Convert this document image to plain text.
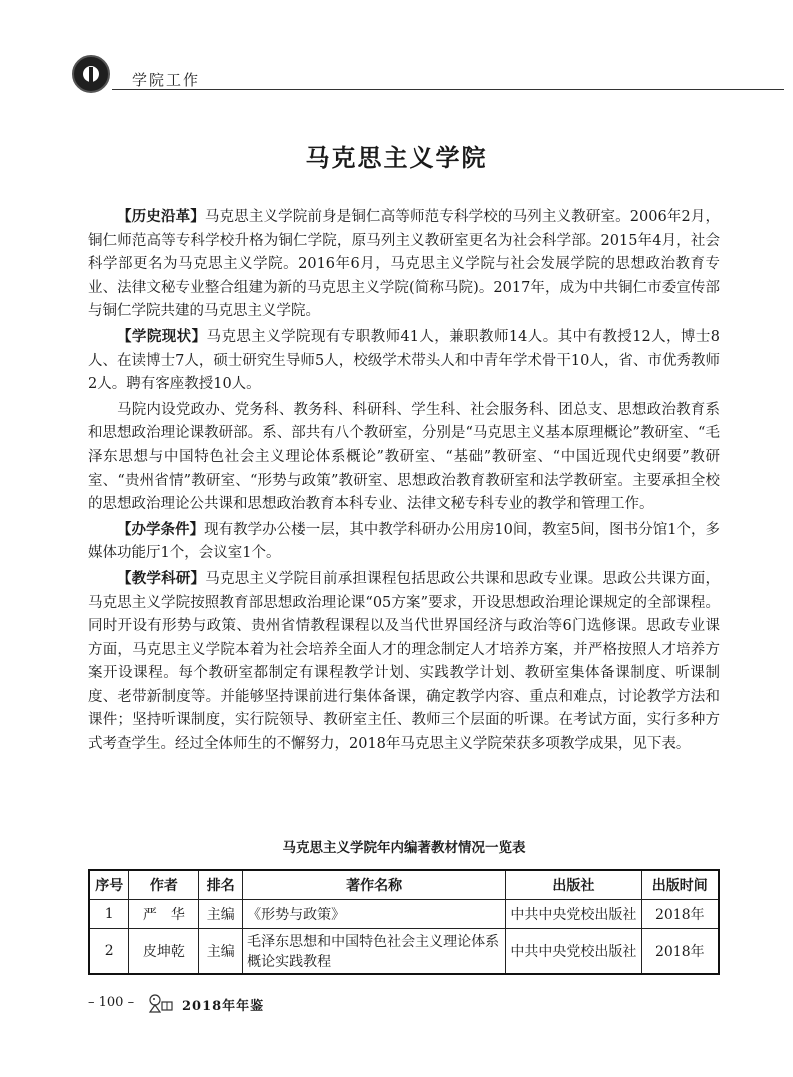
学院工作
马克思主义学院

【历史沿革】马克思主义学院前身是铜仁高等师范专科学校的马列主义教研室。2006年2月，铜仁师范高等专科学校升格为铜仁学院，原马列主义教研室更名为社会科学部。2015年4月，社会科学部更名为马克思主义学院。2016年6月，马克思主义学院与社会发展学院的思想政治教育专业、法律文秘专业整合组建为新的马克思主义学院(简称马院)。2017年，成为中共铜仁市委宣传部与铜仁学院共建的马克思主义学院。

【学院现状】马克思主义学院现有专职教师41人，兼职教师14人。其中有教授12人，博士8人、在读博士7人，硕士研究生导师5人，校级学术带头人和中青年学术骨干10人，省、市优秀教师2人。聘有客座教授10人。

马院内设党政办、党务科、教务科、科研科、学生科、社会服务科、团总支、思想政治教育系和思想政治理论课教研部。系、部共有八个教研室，分别是“马克思主义基本原理概论”教研室、“毛泽东思想与中国特色社会主义理论体系概论”教研室、“基础”教研室、“中国近现代史纲要”教研室、“贵州省情”教研室、“形势与政策”教研室、思想政治教育教研室和法学教研室。主要承担全校的思想政治理论公共课和思想政治教育本科专业、法律文秘专科专业的教学和管理工作。

【办学条件】现有教学办公楼一层，其中教学科研办公用房10间，教室5间，图书分馆1个，多媒体功能厅1个，会议室1个。

【教学科研】马克思主义学院目前承担课程包括思政公共课和思政专业课。思政公共课方面，马克思主义学院按照教育部思想政治理论课“05方案”要求，开设思想政治理论课规定的全部课程。同时开设有形势与政策、贵州省情教程课程以及当代世界国经济与政治等6门选修课。思政专业课方面，马克思主义学院本着为社会培养全面人才的理念制定人才培养方案，并严格按照人才培养方案开设课程。每个教研室都制定有课程教学计划、实践教学计划、教研室集体备课制度、听课制度、老带新制度等。并能够坚持课前进行集体备课，确定教学内容、重点和难点，讨论教学方法和课件；坚持听课制度，实行院领导、教研室主任、教师三个层面的听课。在考试方面，实行多种方式考查学生。经过全体师生的不懈努力，2018年马克思主义学院荣获多项教学成果，见下表。

马克思主义学院年内编著教材情况一览表
序号	作者	排名	著作名称	出版社	出版时间
1	严　华	主编	《形势与政策》	中共中央党校出版社	2018年
2	皮坤乾	主编	毛泽东思想和中国特色社会主义理论体系概论实践教程	中共中央党校出版社	2018年
– 100 –	2018年年鉴
